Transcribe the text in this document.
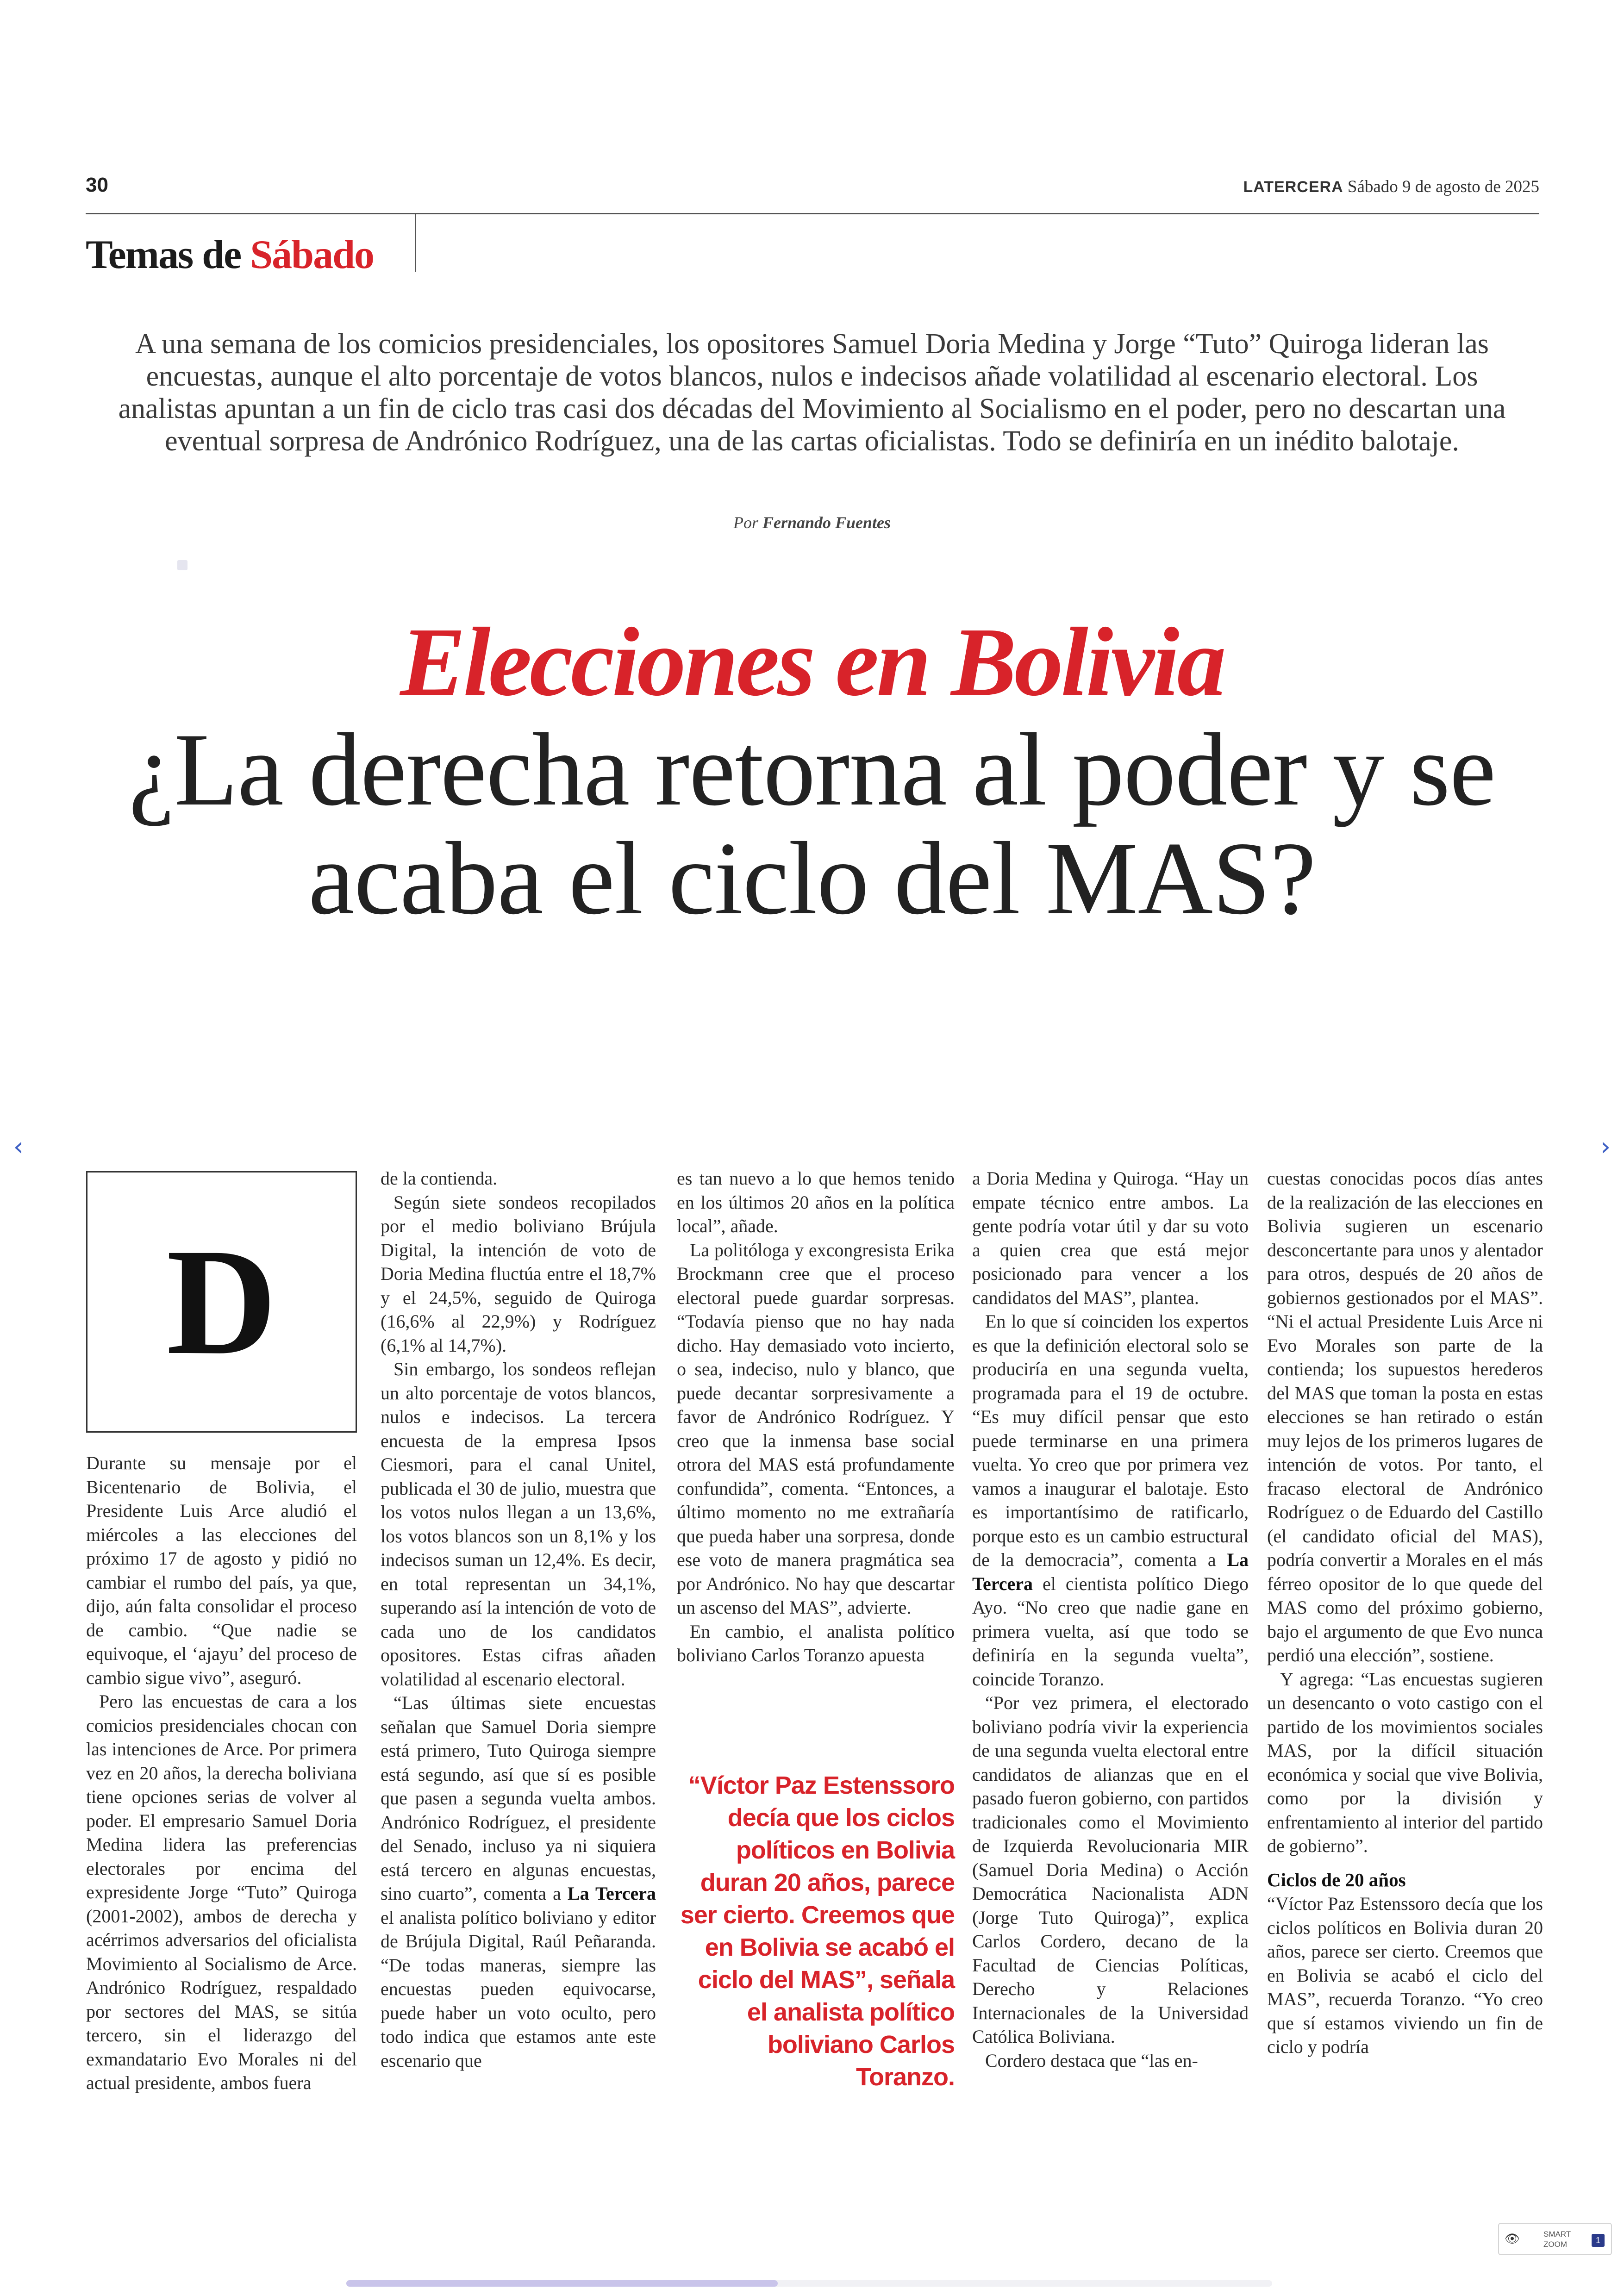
30	LATERCERA Sábado 9 de agosto de 2025
Temas de Sábado
A una semana de los comicios presidenciales, los opositores Samuel Doria Medina y Jorge “Tuto” Quiroga lideran las encuestas, aunque el alto porcentaje de votos blancos, nulos e indecisos añade volatilidad al escenario electoral. Los analistas apuntan a un fin de ciclo tras casi dos décadas del Movimiento al Socialismo en el poder, pero no descartan una eventual sorpresa de Andrónico Rodríguez, una de las cartas oficialistas. Todo se definiría en un inédito balotaje.
Por Fernando Fuentes
Elecciones en Bolivia
¿La derecha retorna al poder y se acaba el ciclo del MAS?
‹	›
D

Durante su mensaje por el Bicentenario de Bolivia, el Presidente Luis Arce aludió el miércoles a las elecciones del próximo 17 de agosto y pidió no cambiar el rumbo del país, ya que, dijo, aún falta consolidar el proceso de cambio. “Que nadie se equivoque, el ‘ajayu’ del proceso de cambio sigue vivo”, aseguró.

Pero las encuestas de cara a los comicios presidenciales chocan con las intenciones de Arce. Por primera vez en 20 años, la derecha boliviana tiene opciones serias de volver al poder. El empresario Samuel Doria Medina lidera las preferencias electorales por encima del expresidente Jorge “Tuto” Quiroga (2001-2002), ambos de derecha y acérrimos adversarios del oficialista Movimiento al Socialismo de Arce. Andrónico Rodríguez, respaldado por sectores del MAS, se sitúa tercero, sin el liderazgo del exmandatario Evo Morales ni del actual presidente, ambos fuera

de la contienda.

Según siete sondeos recopilados por el medio boliviano Brújula Digital, la intención de voto de Doria Medina fluctúa entre el 18,7% y el 24,5%, seguido de Quiroga (16,6% al 22,9%) y Rodríguez (6,1% al 14,7%).

Sin embargo, los sondeos reflejan un alto porcentaje de votos blancos, nulos e indecisos. La tercera encuesta de la empresa Ipsos Ciesmori, para el canal Unitel, publicada el 30 de julio, muestra que los votos nulos llegan a un 13,6%, los votos blancos son un 8,1% y los indecisos suman un 12,4%. Es decir, en total representan un 34,1%, superando así la intención de voto de cada uno de los candidatos opositores. Estas cifras añaden volatilidad al escenario electoral.

“Las últimas siete encuestas señalan que Samuel Doria siempre está primero, Tuto Quiroga siempre está segundo, así que sí es posible que pasen a segunda vuelta ambos. Andrónico Rodríguez, el presidente del Senado, incluso ya ni siquiera está tercero en algunas encuestas, sino cuarto”, comenta a La Tercera el analista político boliviano y editor de Brújula Digital, Raúl Peñaranda. “De todas maneras, siempre las encuestas pueden equivocarse, puede haber un voto oculto, pero todo indica que estamos ante este escenario que

es tan nuevo a lo que hemos tenido en los últimos 20 años en la política local”, añade.

La politóloga y excongresista Erika Brockmann cree que el proceso electoral puede guardar sorpresas. “Todavía pienso que no hay nada dicho. Hay demasiado voto incierto, o sea, indeciso, nulo y blanco, que puede decantar sorpresivamente a favor de Andrónico Rodríguez. Y creo que la inmensa base social otrora del MAS está profundamente confundida”, comenta. “Entonces, a último momento no me extrañaría que pueda haber una sorpresa, donde ese voto de manera pragmática sea por Andrónico. No hay que descartar un ascenso del MAS”, advierte.

En cambio, el analista político boliviano Carlos Toranzo apuesta

“Víctor Paz Estenssoro decía que los ciclos políticos en Bolivia duran 20 años, parece ser cierto. Creemos que en Bolivia se acabó el ciclo del MAS”, señala el analista político boliviano Carlos Toranzo.

a Doria Medina y Quiroga. “Hay un empate técnico entre ambos. La gente podría votar útil y dar su voto a quien crea que está mejor posicionado para vencer a los candidatos del MAS”, plantea.

En lo que sí coinciden los expertos es que la definición electoral solo se produciría en una segunda vuelta, programada para el 19 de octubre. “Es muy difícil pensar que esto puede terminarse en una primera vuelta. Yo creo que por primera vez vamos a inaugurar el balotaje. Esto es importantísimo de ratificarlo, porque esto es un cambio estructural de la democracia”, comenta a La Tercera el cientista político Diego Ayo. “No creo que nadie gane en primera vuelta, así que todo se definiría en la segunda vuelta”, coincide Toranzo.

“Por vez primera, el electorado boliviano podría vivir la experiencia de una segunda vuelta electoral entre candidatos de alianzas que en el pasado fueron gobierno, con partidos tradicionales como el Movimiento de Izquierda Revolucionaria MIR (Samuel Doria Medina) o Acción Democrática Nacionalista ADN (Jorge Tuto Quiroga)”, explica Carlos Cordero, decano de la Facultad de Ciencias Políticas, Derecho y Relaciones Internacionales de la Universidad Católica Boliviana.

Cordero destaca que “las en-

cuestas conocidas pocos días antes de la realización de las elecciones en Bolivia sugieren un escenario desconcertante para unos y alentador para otros, después de 20 años de gobiernos gestionados por el MAS”. “Ni el actual Presidente Luis Arce ni Evo Morales son parte de la contienda; los supuestos herederos del MAS que toman la posta en estas elecciones se han retirado o están muy lejos de los primeros lugares de intención de votos. Por tanto, el fracaso electoral de Andrónico Rodríguez o de Eduardo del Castillo (el candidato oficial del MAS), podría convertir a Morales en el más férreo opositor de lo que quede del MAS como del próximo gobierno, bajo el argumento de que Evo nunca perdió una elección”, sostiene.

Y agrega: “Las encuestas sugieren un desencanto o voto castigo con el partido de los movimientos sociales MAS, por la difícil situación económica y social que vive Bolivia, como por la división y enfrentamiento al interior del partido de gobierno”.

Ciclos de 20 años

“Víctor Paz Estenssoro decía que los ciclos políticos en Bolivia duran 20 años, parece ser cierto. Creemos que en Bolivia se acabó el ciclo del MAS”, recuerda Toranzo. “Yo creo que sí estamos viviendo un fin de ciclo y podría

👁	SMART
ZOOM	1
